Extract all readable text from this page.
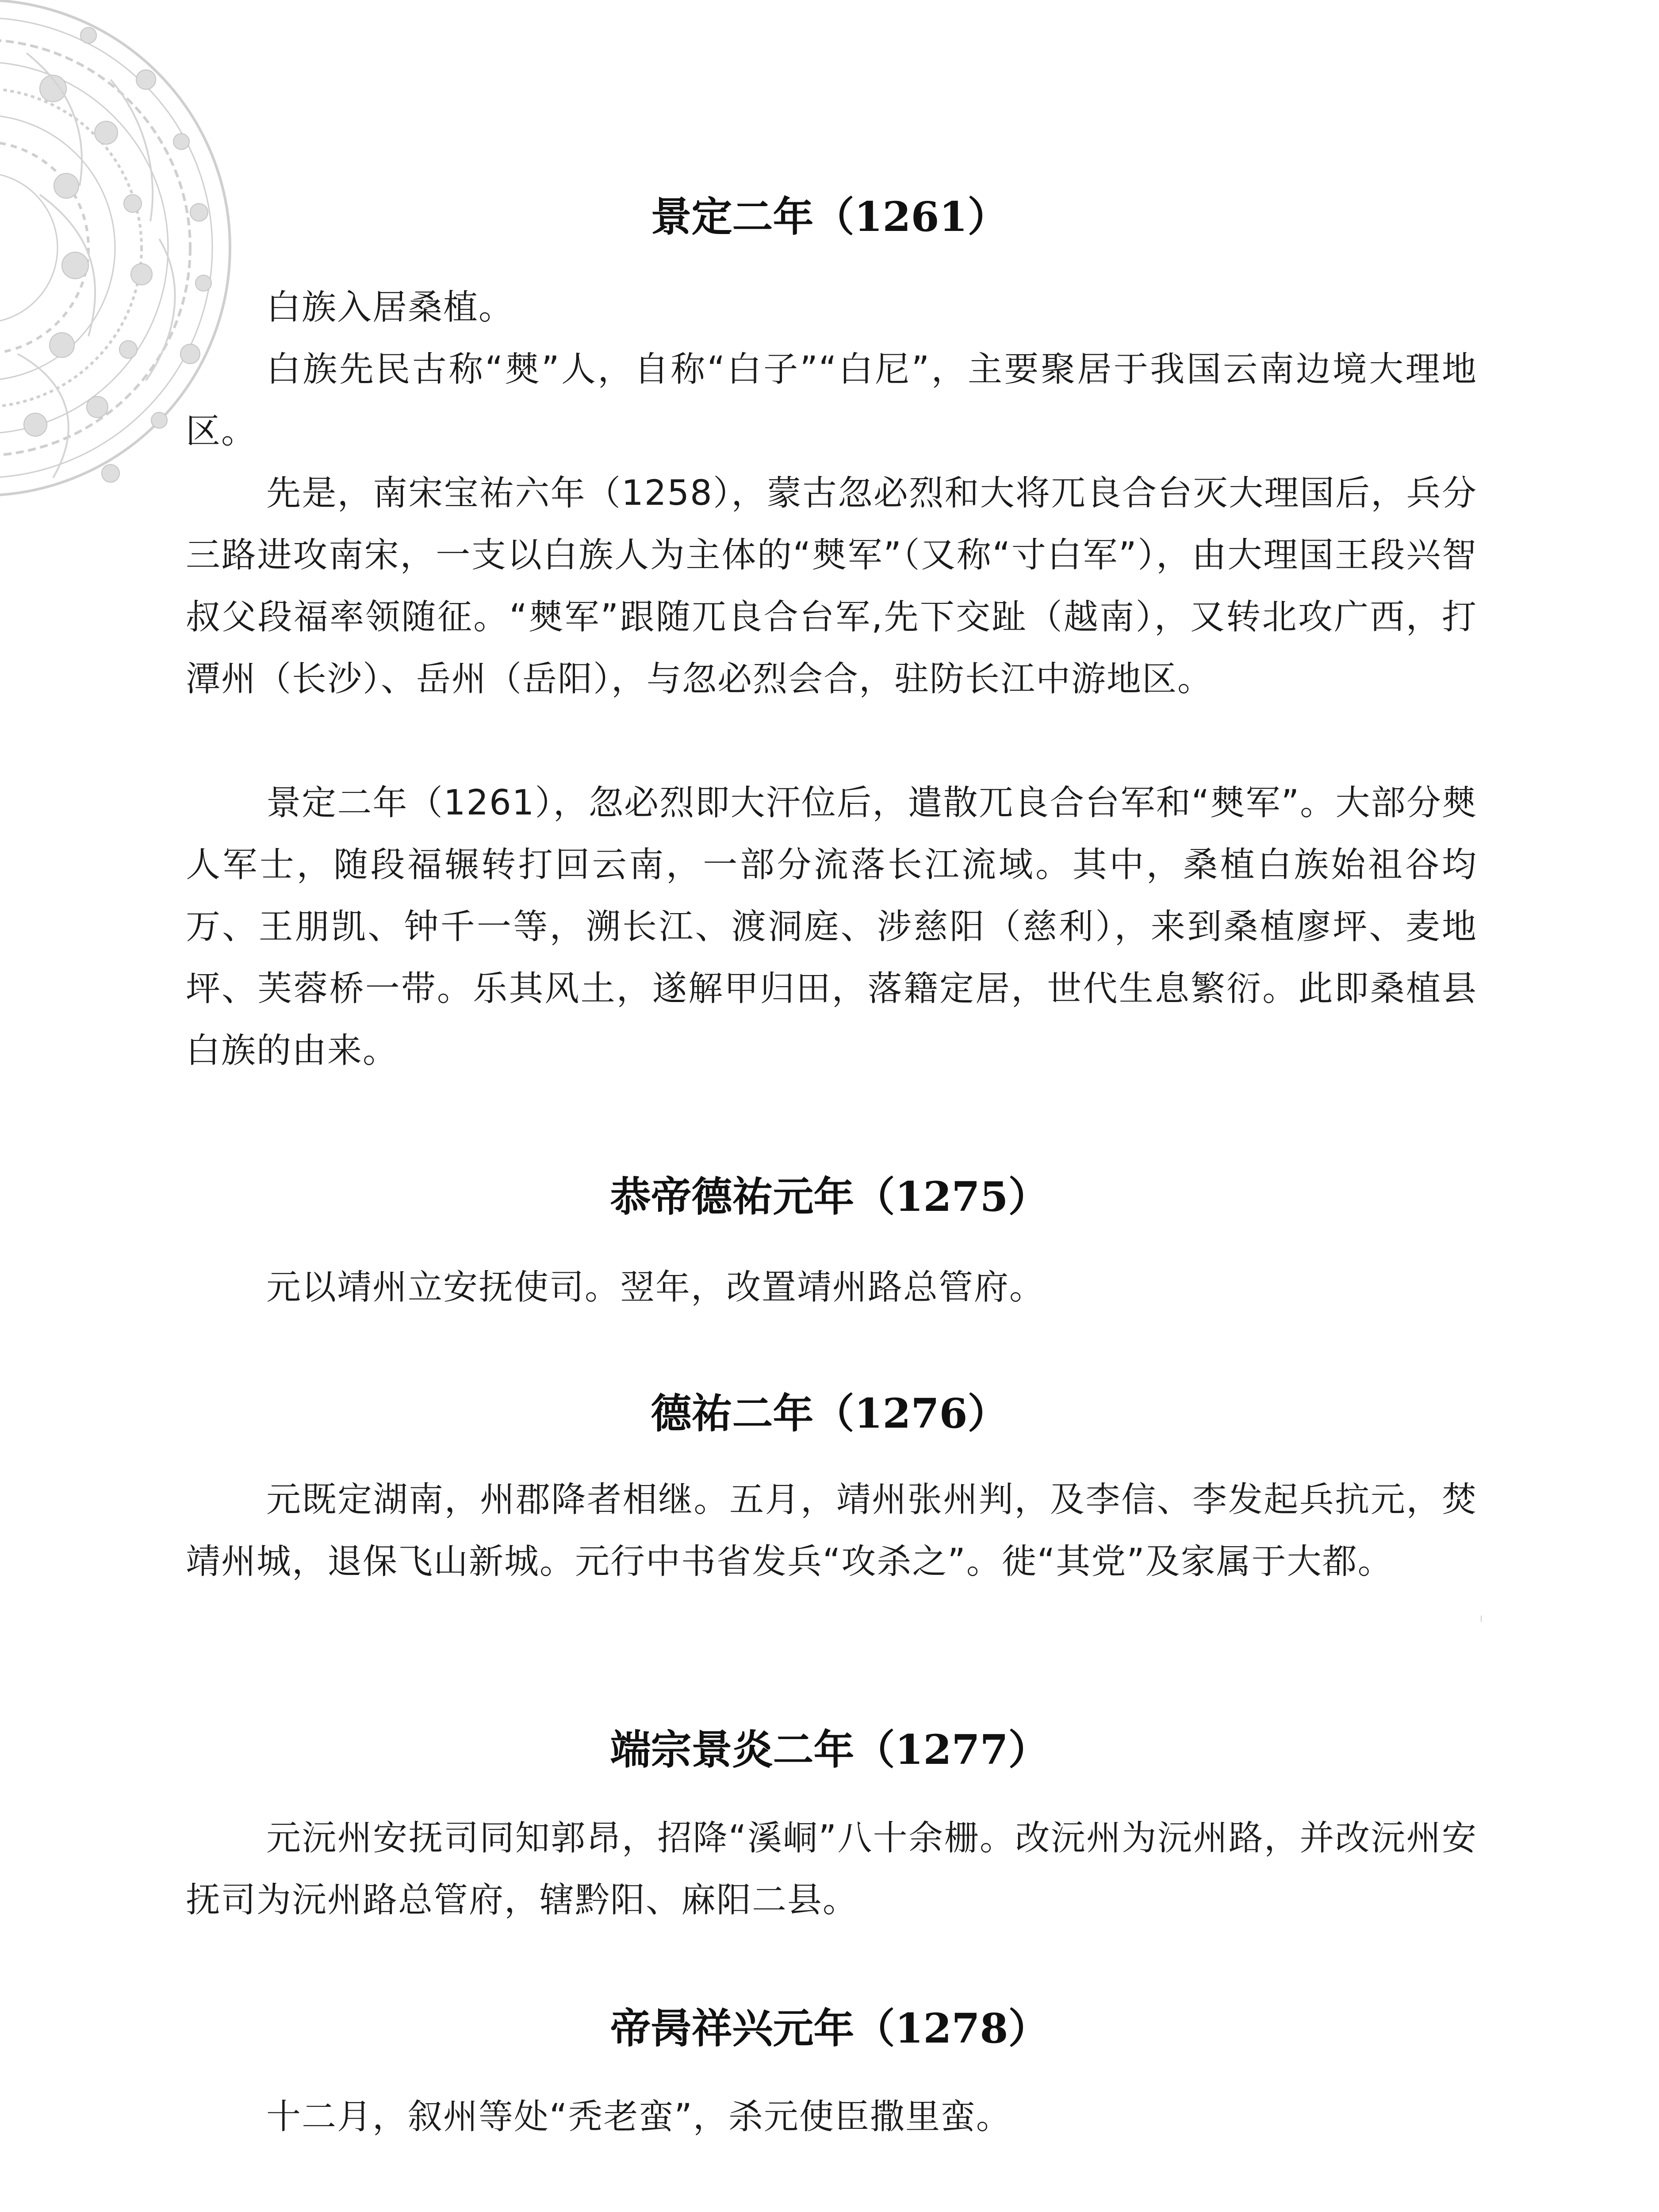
景定二年（1261）

白族入居桑植。

白族先民古称“僰”人，自称“白子”“白尼”，主要聚居于我国云南边境大理地区。

先是，南宋宝祐六年（1258），蒙古忽必烈和大将兀良合台灭大理国后，兵分三路进攻南宋，一支以白族人为主体的“僰军”（又称“寸白军”），由大理国王段兴智叔父段福率领随征。“僰军”跟随兀良合台军,先下交趾（越南），又转北攻广西，打潭州（长沙）、岳州（岳阳），与忽必烈会合，驻防长江中游地区。

景定二年（1261），忽必烈即大汗位后，遣散兀良合台军和“僰军”。大部分僰人军士，随段福辗转打回云南，一部分流落长江流域。其中，桑植白族始祖谷均万、王朋凯、钟千一等，溯长江、渡洞庭、涉慈阳（慈利），来到桑植廖坪、麦地坪、芙蓉桥一带。乐其风土，遂解甲归田，落籍定居，世代生息繁衍。此即桑植县白族的由来。

恭帝德祐元年（1275）

元以靖州立安抚使司。翌年，改置靖州路总管府。

德祐二年（1276）

元既定湖南，州郡降者相继。五月，靖州张州判，及李信、李发起兵抗元，焚靖州城，退保飞山新城。元行中书省发兵“攻杀之”。徙“其党”及家属于大都。

端宗景炎二年（1277）

元沅州安抚司同知郭昂，招降“溪峒”八十余栅。改沅州为沅州路，并改沅州安抚司为沅州路总管府，辖黔阳、麻阳二县。

帝昺祥兴元年（1278）

十二月，叙州等处“秃老蛮”，杀元使臣撒里蛮。
